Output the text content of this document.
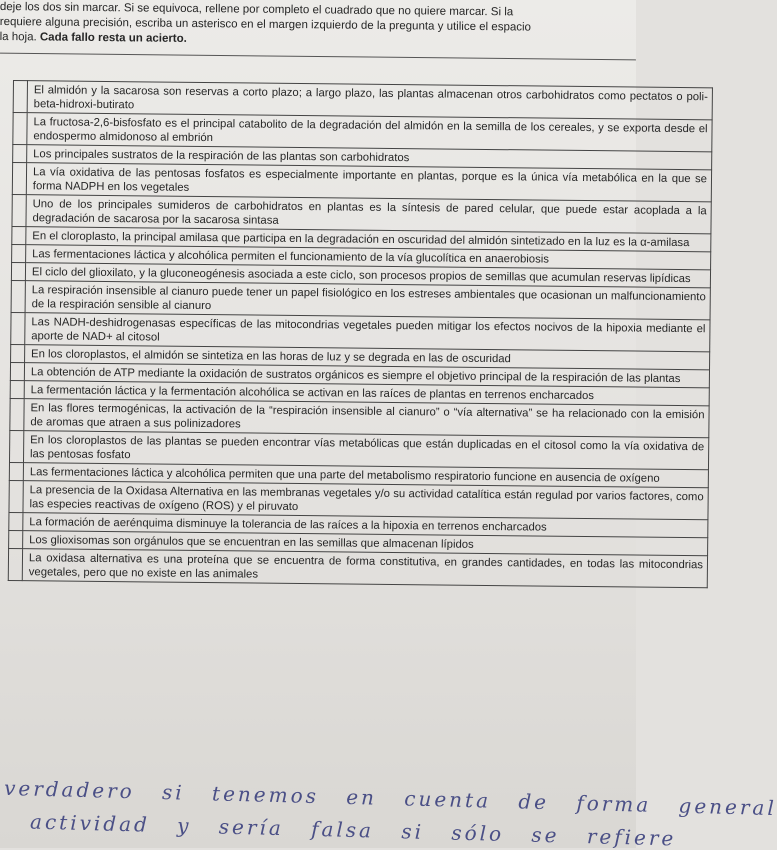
deje los dos sin marcar. Si se equivoca, rellene por completo el cuadrado que no quiere marcar. Si la

requiere alguna precisión, escriba un asterisco en el margen izquierdo de la pregunta y utilice el espacio

la hoja. Cada fallo resta un acierto.

	El almidón y la sacarosa son reservas a corto plazo; a largo plazo, las plantas almacenan otros carbohidratos como pectatos o poli-beta-hidroxi-butirato
	La fructosa-2,6-bisfosfato es el principal catabolito de la degradación del almidón en la semilla de los cereales, y se exporta desde el endospermo almidonoso al embrión
	Los principales sustratos de la respiración de las plantas son carbohidratos
	La vía oxidativa de las pentosas fosfatos es especialmente importante en plantas, porque es la única vía metabólica en la que se forma NADPH en los vegetales
	Uno de los principales sumideros de carbohidratos en plantas es la síntesis de pared celular, que puede estar acoplada a la degradación de sacarosa por la sacarosa sintasa
	En el cloroplasto, la principal amilasa que participa en la degradación en oscuridad del almidón sintetizado en la luz es la α-amilasa
	Las fermentaciones láctica y alcohólica permiten el funcionamiento de la vía glucolítica en anaerobiosis
	El ciclo del glioxilato, y la gluconeogénesis asociada a este ciclo, son procesos propios de semillas que acumulan reservas lipídicas
	La respiración insensible al cianuro puede tener un papel fisiológico en los estreses ambientales que ocasionan un malfuncionamiento de la respiración sensible al cianuro
	Las NADH-deshidrogenasas específicas de las mitocondrias vegetales pueden mitigar los efectos nocivos de la hipoxia mediante el aporte de NAD+ al citosol
	En los cloroplastos, el almidón se sintetiza en las horas de luz y se degrada en las de oscuridad
	La obtención de ATP mediante la oxidación de sustratos orgánicos es siempre el objetivo principal de la respiración de las plantas
	La fermentación láctica y la fermentación alcohólica se activan en las raíces de plantas en terrenos encharcados
	En las flores termogénicas, la activación de la “respiración insensible al cianuro” o “vía alternativa” se ha relacionado con la emisión de aromas que atraen a sus polinizadores
	En los cloroplastos de las plantas se pueden encontrar vías metabólicas que están duplicadas en el citosol como la vía oxidativa de las pentosas fosfato
	Las fermentaciones láctica y alcohólica permiten que una parte del metabolismo respiratorio funcione en ausencia de oxígeno
	La presencia de la Oxidasa Alternativa en las membranas vegetales y/o su actividad catalítica están regulad por varios factores, como las especies reactivas de oxígeno (ROS) y el piruvato
	La formación de aerénquima disminuye la tolerancia de las raíces a la hipoxia en terrenos encharcados
	Los glioxisomas son orgánulos que se encuentran en las semillas que almacenan lípidos
	La oxidasa alternativa es una proteína que se encuentra de forma constitutiva, en grandes cantidades, en todas las mitocondrias vegetales, pero que no existe en las animales
verdadero si tenemos en cuenta de forma general
actividad y sería falsa si sólo se refiere
